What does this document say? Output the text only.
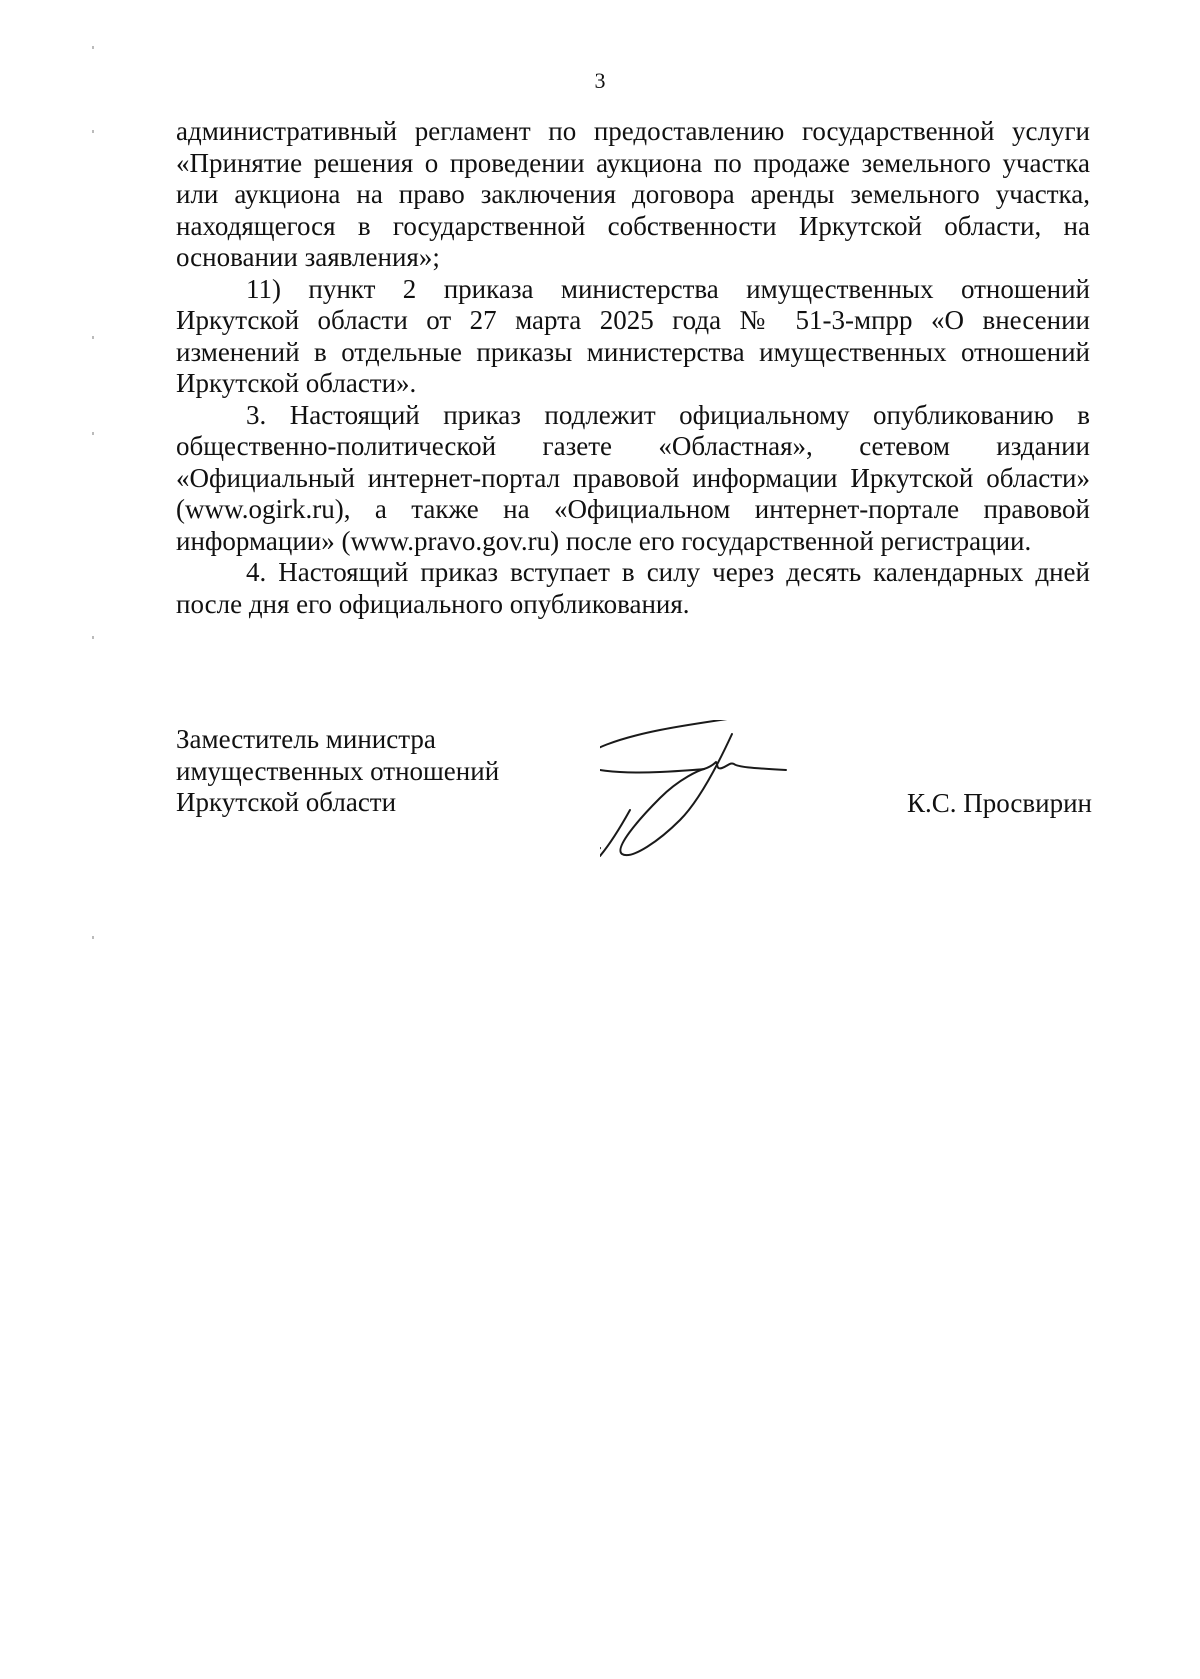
3

административный регламент по предоставлению государственной услуги «Принятие решения о проведении аукциона по продаже земельного участка или аукциона на право заключения договора аренды земельного участка, находящегося в государственной собственности Иркутской области, на основании заявления»;

11) пункт 2 приказа министерства имущественных отношений Иркутской области от 27 марта 2025 года № 51-3-мпрр «О внесении изменений в отдельные приказы министерства имущественных отношений Иркутской области».

3. Настоящий приказ подлежит официальному опубликованию в общественно-политической газете «Областная», сетевом издании «Официальный интернет-портал правовой информации Иркутской области» (www.ogirk.ru), а также на «Официальном интернет-портале правовой информации» (www.pravo.gov.ru) после его государственной регистрации.

4. Настоящий приказ вступает в силу через десять календарных дней после дня его официального опубликования.

Заместитель министра
имущественных отношений
Иркутской области	К.С. Просвирин
